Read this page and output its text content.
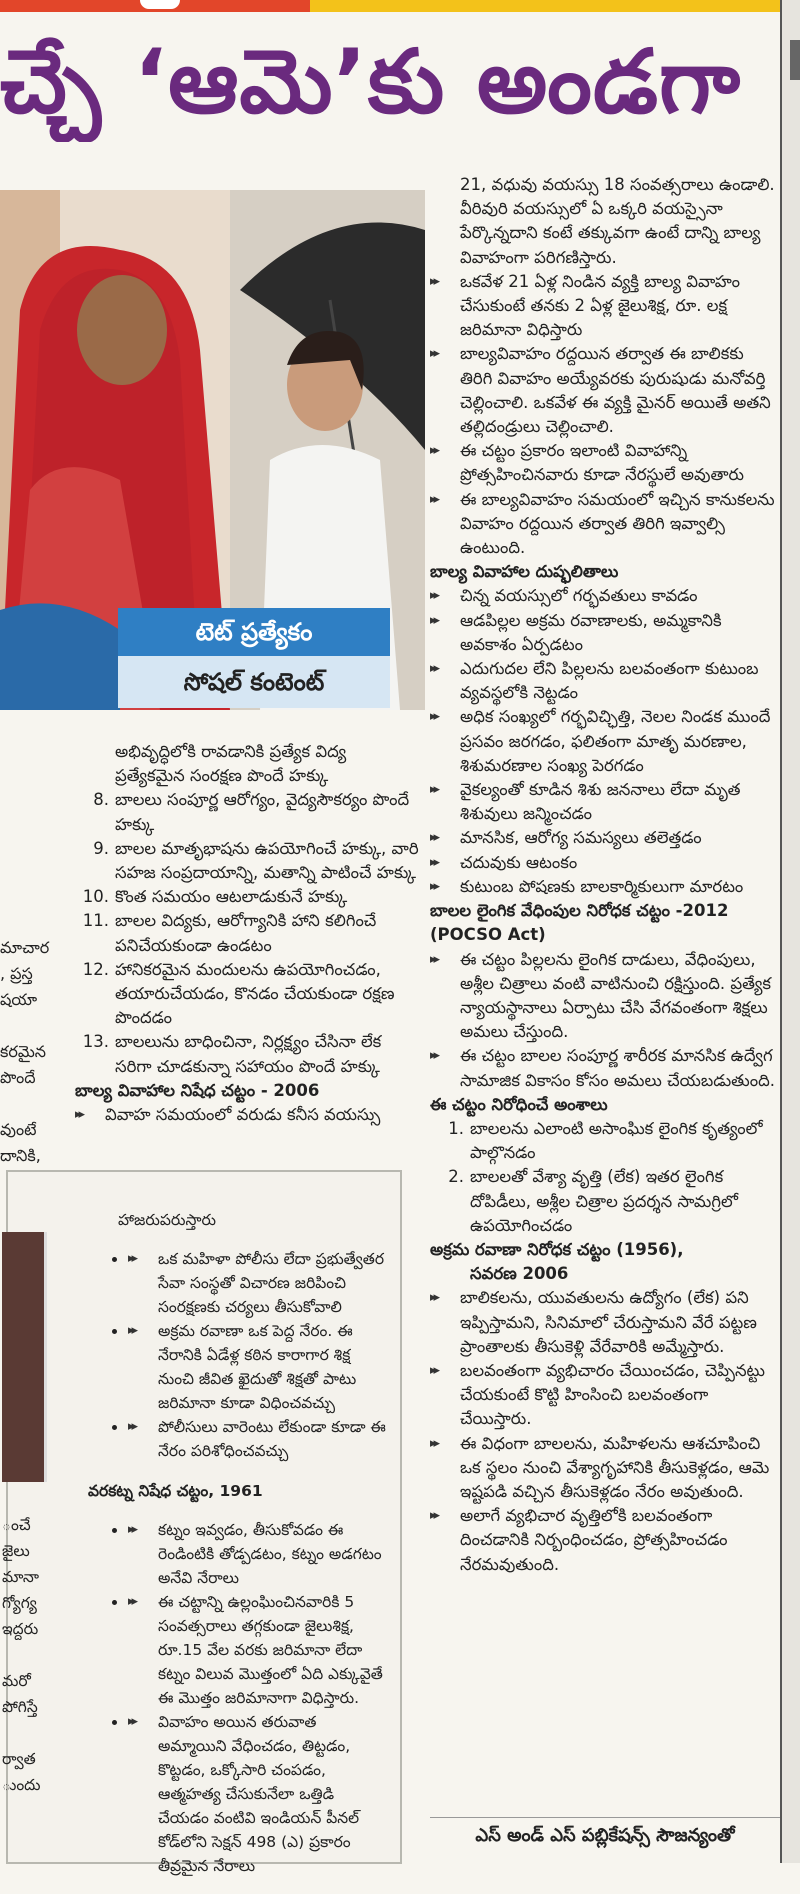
చ్చే ‘ఆమె’కు అండగా
టెట్ ప్రత్యేకం
సోషల్ కంటెంట్

మాచార

, ప్రస్త

షయా

కరమైన

పొందే

వుంటే

దానికి,

అభివృద్ధిలోకి రావడానికి ప్రత్యేక విద్య
ప్రత్యేకమైన సంరక్షణ పొందే హక్కు
8. బాలలు సంపూర్ణ ఆరోగ్యం, వైద్యసౌకర్యం పొందే హక్కు
9. బాలల మాతృభాషను ఉపయోగించే హక్కు, వారి సహజ సంప్రదాయాన్ని, మతాన్ని పాటించే హక్కు
10. కొంత సమయం ఆటలాడుకునే హక్కు
11. బాలల విద్యకు, ఆరోగ్యానికి హాని కలిగించే పనిచేయకుండా ఉండటం
12. హానికరమైన మందులను ఉపయోగించడం, తయారుచేయడం, కొనడం చేయకుండా రక్షణ పొందడం
13. బాలలును బాధించినా, నిర్లక్ష్యం చేసినా లేక సరిగా చూడకున్నా సహాయం పొందే హక్కు

బాల్య వివాహాల నిషేధ చట్టం - 2006

▸▸ వివాహ సమయంలో వరుడు కనీస వయస్సు

21, వధువు వయస్సు 18 సంవత్సరాలు ఉండాలి. వీరివురి వయస్సులో ఏ ఒక్కరి వయస్సైనా పేర్కొన్నదాని కంటే తక్కువగా ఉంటే దాన్ని బాల్య వివాహంగా పరిగణిస్తారు.

▸▸ ఒకవేళ 21 ఏళ్ల నిండిన వ్యక్తి బాల్య వివాహం చేసుకుంటే తనకు 2 ఏళ్ల జైలుశిక్ష, రూ. లక్ష జరిమానా విధిస్తారు
▸▸ బాల్యవివాహం రద్దయిన తర్వాత ఈ బాలికకు తిరిగి వివాహం అయ్యేవరకు పురుషుడు మనోవర్తి చెల్లించాలి. ఒకవేళ ఈ వ్యక్తి మైనర్ అయితే అతని తల్లిదండ్రులు చెల్లించాలి.
▸▸ ఈ చట్టం ప్రకారం ఇలాంటి వివాహాన్ని ప్రోత్సహించినవారు కూడా నేరస్థులే అవుతారు
▸▸ ఈ బాల్యవివాహం సమయంలో ఇచ్చిన కానుకలను వివాహం రద్దయిన తర్వాత తిరిగి ఇవ్వాల్సి ఉంటుంది.

బాల్య వివాహాల దుష్ఫలితాలు

▸▸ చిన్న వయస్సులో గర్భవతులు కావడం
▸▸ ఆడపిల్లల అక్రమ రవాణాలకు, అమ్మకానికి అవకాశం ఏర్పడటం
▸▸ ఎదుగుదల లేని పిల్లలను బలవంతంగా కుటుంబ వ్యవస్థలోకి నెట్టడం
▸▸ అధిక సంఖ్యలో గర్భవిచ్ఛిత్తి, నెలల నిండక ముందే ప్రసవం జరగడం, ఫలితంగా మాతృ మరణాల, శిశుమరణాల సంఖ్య పెరగడం
▸▸ వైకల్యంతో కూడిన శిశు జననాలు లేదా మృత శిశువులు జన్మించడం
▸▸ మానసిక, ఆరోగ్య సమస్యలు తలెత్తడం
▸▸ చదువుకు ఆటంకం
▸▸ కుటుంబ పోషణకు బాలకార్మికులుగా మారటం

బాలల లైంగిక వేధింపుల నిరోధక చట్టం -2012 (POCSO Act)

▸▸ ఈ చట్టం పిల్లలను లైంగిక దాడులు, వేధింపులు, అశ్లీల చిత్రాలు వంటి వాటినుంచి రక్షిస్తుంది. ప్రత్యేక న్యాయస్థానాలు ఏర్పాటు చేసి వేగవంతంగా శిక్షలు అమలు చేస్తుంది.
▸▸ ఈ చట్టం బాలల సంపూర్ణ శారీరక మానసిక ఉద్వేగ సామాజిక వికాసం కోసం అమలు చేయబడుతుంది.

ఈ చట్టం నిరోధించే అంశాలు

1. బాలలను ఎలాంటి అసాంఘిక లైంగిక కృత్యంలో పాల్గొనడం
2. బాలలతో వేశ్యా వృత్తి (లేక) ఇతర లైంగిక దోపిడీలు, అశ్లీల చిత్రాల ప్రదర్శన సామగ్రిలో ఉపయోగించడం

అక్రమ రవాణా నిరోధక చట్టం (1956),

సవరణ 2006

▸▸ బాలికలను, యువతులను ఉద్యోగం (లేక) పని ఇప్పిస్తామని, సినిమాలో చేరుస్తామని వేరే పట్టణ ప్రాంతాలకు తీసుకెళ్లి వేరేవారికి అమ్మేస్తారు.
▸▸ బలవంతంగా వ్యభిచారం చేయించడం, చెప్పినట్టు చేయకుంటే కొట్టి హింసించి బలవంతంగా చేయిస్తారు.
▸▸ ఈ విధంగా బాలలను, మహిళలను ఆశచూపించి ఒక స్థలం నుంచి వేశ్యాగృహానికి తీసుకెళ్లడం, ఆమె ఇష్టపడి వచ్చిన తీసుకెళ్లడం నేరం అవుతుంది.
▸▸ అలాగే వ్యభిచార వృత్తిలోకి బలవంతంగా దించడానికి నిర్బంధించడం, ప్రోత్సహించడం నేరమవుతుంది.
ఎస్ అండ్ ఎస్ పబ్లికేషన్స్ సౌజన్యంతో

ంచే

జైలు

మానా

గ్యోగ్య

ఇద్దరు

మరో

పోగిస్తే

ర్వాత

ుందు

హాజరుపరుస్తారు

▸▸ • ఒక మహిళా పోలీసు లేదా ప్రభుత్వేతర సేవా సంస్థతో విచారణ జరిపించి సంరక్షణకు చర్యలు తీసుకోవాలి
▸▸ • అక్రమ రవాణా ఒక పెద్ద నేరం. ఈ నేరానికి ఏడేళ్ల కఠిన కారాగార శిక్ష నుంచి జీవిత ఖైదుతో శిక్షతో పాటు జరిమానా కూడా విధించవచ్చు
▸▸ • పోలీసులు వారెంటు లేకుండా కూడా ఈ నేరం పరిశోధించవచ్చు

వరకట్న నిషేధ చట్టం, 1961

▸▸ • కట్నం ఇవ్వడం, తీసుకోవడం ఈ రెండింటికి తోడ్పడటం, కట్నం అడగటం అనేవి నేరాలు
▸▸ • ఈ చట్టాన్ని ఉల్లంఘించినవారికి 5 సంవత్సరాలు తగ్గకుండా జైలుశిక్ష, రూ.15 వేల వరకు జరిమానా లేదా కట్నం విలువ మొత్తంలో ఏది ఎక్కువైతే ఈ మొత్తం జరిమానాగా విధిస్తారు.
▸▸ • వివాహం అయిన తరువాత అమ్మాయిని వేధించడం, తిట్టడం, కొట్టడం, ఒక్కోసారి చంపడం, ఆత్మహత్య చేసుకునేలా ఒత్తిడి చేయడం వంటివి ఇండియన్ పీనల్ కోడ్‌లోని సెక్షన్ 498 (ఎ) ప్రకారం తీవ్రమైన నేరాలు
